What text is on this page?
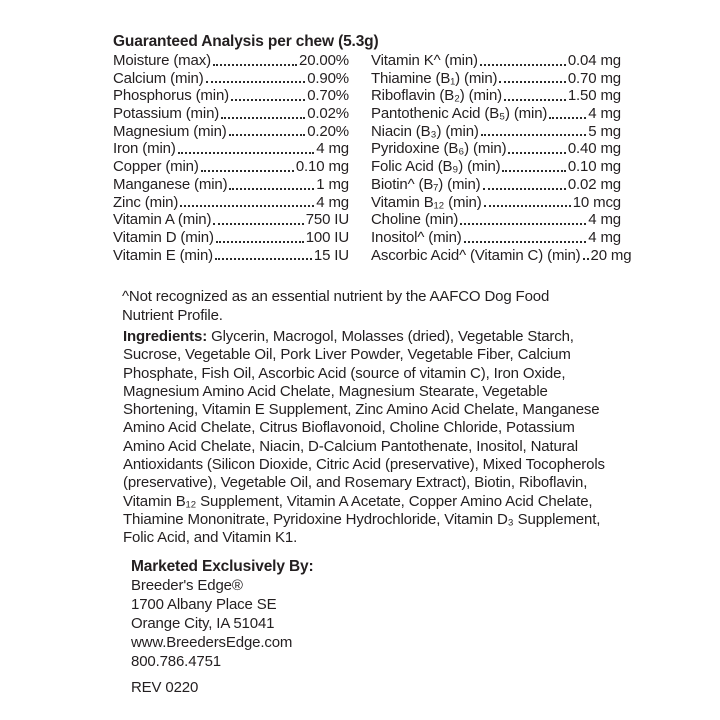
Guaranteed Analysis per chew (5.3g)
Moisture (max)	20.00%
Calcium (min)	0.90%
Phosphorus (min)	0.70%
Potassium (min)	0.02%
Magnesium (min)	0.20%
Iron (min)	4 mg
Copper (min)	0.10 mg
Manganese (min)	1 mg
Zinc (min)	4 mg
Vitamin A (min)	750 IU
Vitamin D (min)	100 IU
Vitamin E (min)	15 IU
Vitamin K^ (min)	0.04 mg
Thiamine (B₁) (min)	0.70 mg
Riboflavin (B₂) (min)	1.50 mg
Pantothenic Acid (B₅) (min)	4 mg
Niacin (B₃) (min)	5 mg
Pyridoxine (B₆) (min)	0.40 mg
Folic Acid (B₉) (min)	0.10 mg
Biotin^ (B₇) (min)	0.02 mg
Vitamin B₁₂ (min)	10 mcg
Choline (min)	4 mg
Inositol^ (min)	4 mg
Ascorbic Acid^ (Vitamin C) (min) 20 mg
^Not recognized as an essential nutrient by the AAFCO Dog Food
Nutrient Profile.
Ingredients: Glycerin, Macrogol, Molasses (dried), Vegetable Starch,
Sucrose, Vegetable Oil, Pork Liver Powder, Vegetable Fiber, Calcium
Phosphate, Fish Oil, Ascorbic Acid (source of vitamin C), Iron Oxide,
Magnesium Amino Acid Chelate, Magnesium Stearate, Vegetable
Shortening, Vitamin E Supplement, Zinc Amino Acid Chelate, Manganese
Amino Acid Chelate, Citrus Bioflavonoid, Choline Chloride, Potassium
Amino Acid Chelate, Niacin, D-Calcium Pantothenate, Inositol, Natural
Antioxidants (Silicon Dioxide, Citric Acid (preservative), Mixed Tocopherols
(preservative), Vegetable Oil, and Rosemary Extract), Biotin, Riboflavin,
Vitamin B₁₂ Supplement, Vitamin A Acetate, Copper Amino Acid Chelate,
Thiamine Mononitrate, Pyridoxine Hydrochloride, Vitamin D₃ Supplement,
Folic Acid, and Vitamin K1.
Marketed Exclusively By:
Breeder's Edge®
1700 Albany Place SE
Orange City, IA 51041
www.BreedersEdge.com
800.786.4751
REV 0220
